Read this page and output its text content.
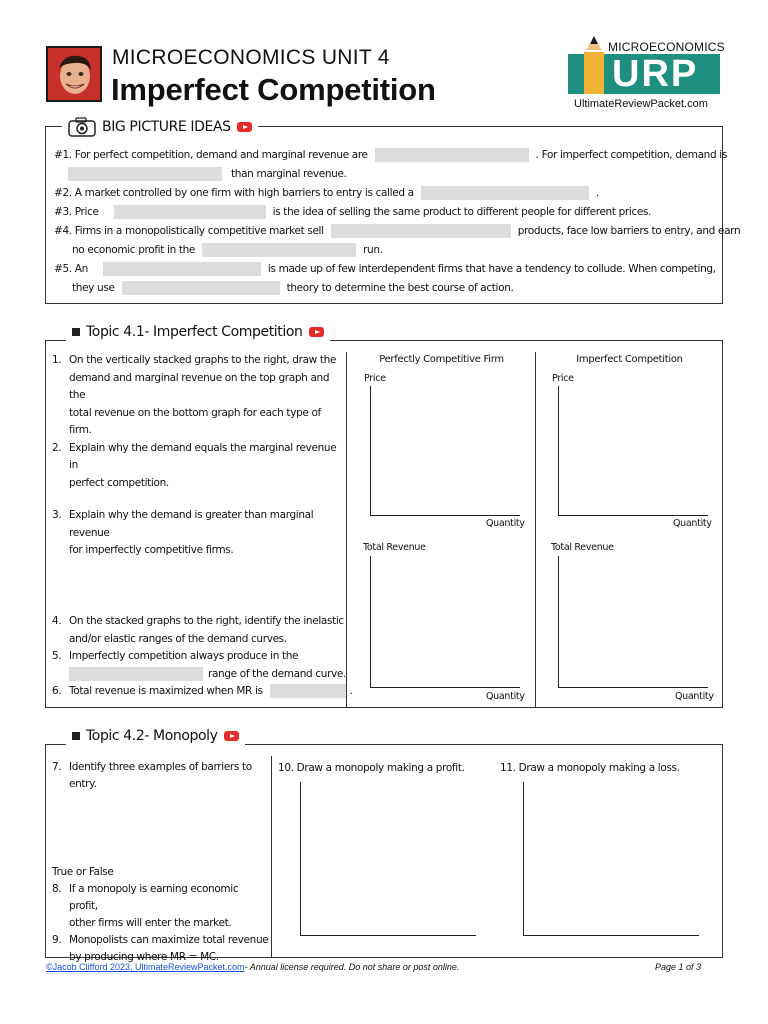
MICROECONOMICS UNIT 4
Imperfect Competition
MICROECONOMICS
URP
UltimateReviewPacket.com
BIG PICTURE IDEAS
#1. For perfect competition, demand and marginal revenue are	. For imperfect competition, demand is
than marginal revenue.
#2. A market controlled by one firm with high barriers to entry is called a	.
#3. Price	is the idea of selling the same product to different people for different prices.
#4. Firms in a monopolistically competitive market sell	products, face low barriers to entry, and earn
no economic profit in the	run.
#5. An	is made up of few interdependent firms that have a tendency to collude. When competing,
they use	theory to determine the best course of action.
Topic 4.1- Imperfect Competition
1. On the vertically stacked graphs to the right, draw the
demand and marginal revenue on the top graph and the
total revenue on the bottom graph for each type of firm.
2. Explain why the demand equals the marginal revenue in
perfect competition.
3. Explain why the demand is greater than marginal revenue
for imperfectly competitive firms.
4. On the stacked graphs to the right, identify the inelastic
and/or elastic ranges of the demand curves.
5. Imperfectly competition always produce in the
range of the demand curve.
6. Total revenue is maximized when MR is	.
Perfectly Competitive Firm	Imperfect Competition
Price
Quantity
Price
Quantity
Total Revenue
Quantity
Total Revenue
Quantity
Topic 4.2- Monopoly
7. Identify three examples of barriers to
entry.
True or False
8. If a monopoly is earning economic profit,
other firms will enter the market.
9. Monopolists can maximize total revenue
by producing where MR = MC.
10. Draw a monopoly making a profit.	11. Draw a monopoly making a loss.
©Jacob Clifford 2023, UltimateReviewPacket.com- Annual license required. Do not share or post online.	Page 1 of 3
